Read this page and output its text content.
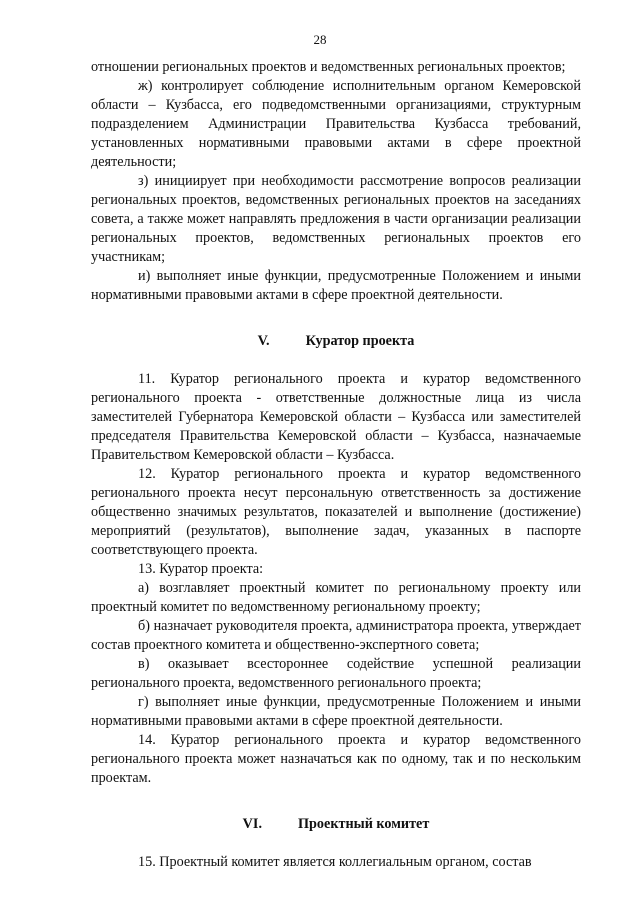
28

отношении региональных проектов и ведомственных региональных проектов;

ж) контролирует соблюдение исполнительным органом Кемеровской области – Кузбасса, его подведомственными организациями, структурным подразделением Администрации Правительства Кузбасса требований, установленных нормативными правовыми актами в сфере проектной деятельности;

з) инициирует при необходимости рассмотрение вопросов реализации региональных проектов, ведомственных региональных проектов на заседаниях совета, а также может направлять предложения в части организации реализации региональных проектов, ведомственных региональных проектов его участникам;

и) выполняет иные функции, предусмотренные Положением и иными нормативными правовыми актами в сфере проектной деятельности.

V.	Куратор проекта

11. Куратор регионального проекта и куратор ведомственного регионального проекта - ответственные должностные лица из числа заместителей Губернатора Кемеровской области – Кузбасса или заместителей председателя Правительства Кемеровской области – Кузбасса, назначаемые Правительством Кемеровской области – Кузбасса.

12. Куратор регионального проекта и куратор ведомственного регионального проекта несут персональную ответственность за достижение общественно значимых результатов, показателей и выполнение (достижение) мероприятий (результатов), выполнение задач, указанных в паспорте соответствующего проекта.

13. Куратор проекта:

а) возглавляет проектный комитет по региональному проекту или проектный комитет по ведомственному региональному проекту;

б) назначает руководителя проекта, администратора проекта, утверждает состав проектного комитета и общественно-экспертного совета;

в) оказывает всестороннее содействие успешной реализации регионального проекта, ведомственного регионального проекта;

г) выполняет иные функции, предусмотренные Положением и иными нормативными правовыми актами в сфере проектной деятельности.

14. Куратор регионального проекта и куратор ведомственного регионального проекта может назначаться как по одному, так и по нескольким проектам.

VI.	Проектный комитет

15. Проектный комитет является коллегиальным органом, состав
